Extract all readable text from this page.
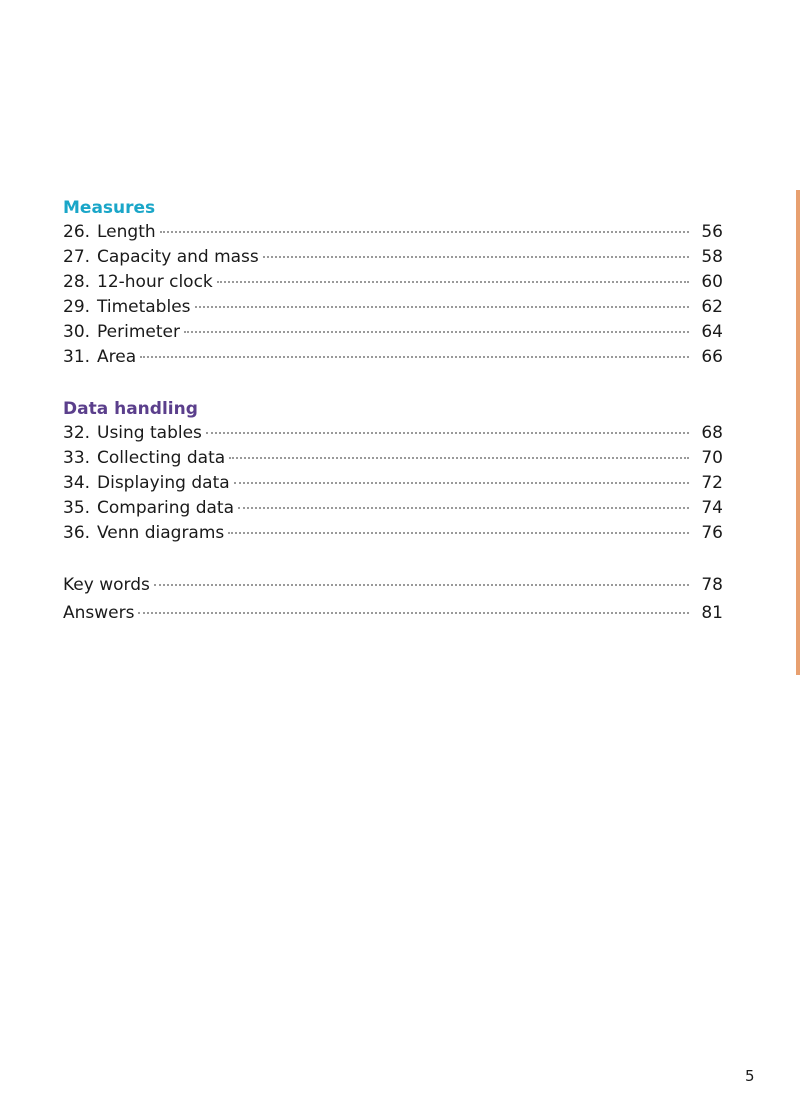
Measures
26. Length	56
27. Capacity and mass	58
28. 12-hour clock	60
29. Timetables	62
30. Perimeter	64
31. Area	66
Data handling
32. Using tables	68
33. Collecting data	70
34. Displaying data	72
35. Comparing data	74
36. Venn diagrams	76
Key words	78
Answers	81
5
